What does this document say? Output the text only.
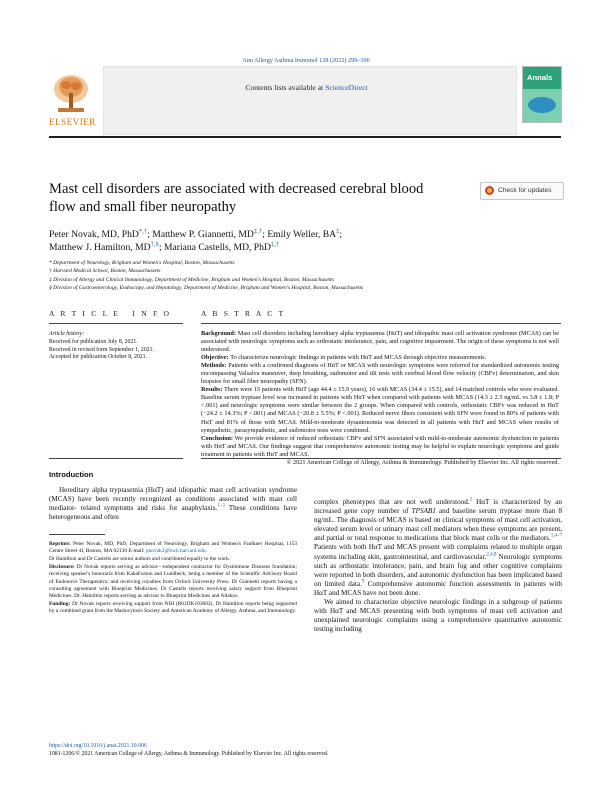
Ann Allergy Asthma Immunol 128 (2022) 299–306
Contents lists available at ScienceDirect
ELSEVIER
Annals
Mast cell disorders are associated with decreased cerebral blood flow and small fiber neuropathy
Check for updates
Peter Novak, MD, PhD*,†; Matthew P. Giannetti, MD‡,†; Emily Weller, BA‡;
Matthew J. Hamilton, MD†,§; Mariana Castells, MD, PhD‡,†
* Department of Neurology, Brigham and Women's Hospital, Boston, Massachusetts
† Harvard Medical School, Boston, Massachusetts
‡ Division of Allergy and Clinical Immunology, Department of Medicine, Brigham and Women's Hospital, Boston, Massachusetts
§ Division of Gastroenterology, Endoscopy, and Hepatology, Department of Medicine, Brigham and Women's Hospital, Boston, Massachusetts
A R T I C L E   I N F O
Article history:
Received for publication July 8, 2021.
Received in revised form September 1, 2021.
Accepted for publication October 8, 2021.
A B S T R A C T

Background: Mast cell disorders including hereditary alpha tryptasemia (HαT) and idiopathic mast cell activation syndrome (MCAS) can be associated with neurologic symptoms such as orthostatic intolerance, pain, and cognitive impairment. The origin of these symptoms is not well understood.

Objective: To characterize neurologic findings in patients with HαT and MCAS through objective measurements.

Methods: Patients with a confirmed diagnosis of HαT or MCAS with neurologic symptoms were referred for standardized autonomic testing encompassing Valsalva maneuver, deep breathing, sudomotor and tilt tests with cerebral blood flow velocity (CBFv) determination, and skin biopsies for small fiber neuropathy (SFN).

Results: There were 15 patients with HαT (age 44.4 ± 15.9 years), 16 with MCAS (34.4 ± 15.5), and 14 matched controls who were evaluated. Baseline serum tryptase level was increased in patients with HαT when compared with patients with MCAS (14.3 ± 2.5 ng/mL vs 3.8 ± 1.8; P <.001) and neurologic symptoms were similar between the 2 groups. When compared with controls, orthostatic CBFv was reduced in HαT (−24.2 ± 14.3%; P <.001) and MCAS (−20.8 ± 5.5%; P <.001). Reduced nerve fibers consistent with SFN were found in 80% of patients with HαT and 81% of those with MCAS. Mild-to-moderate dysautonomia was detected in all patients with HαT and MCAS when results of sympathetic, parasympathetic, and sudomotor tests were combined.

Conclusion: We provide evidence of reduced orthostatic CBFv and SFN associated with mild-to-moderate autonomic dysfunction in patients with HαT and MCAS. Our findings suggest that comprehensive autonomic testing may be helpful to explain neurologic symptoms and guide treatment in patients with HαT and MCAS.

© 2021 American College of Allergy, Asthma & Immunology. Published by Elsevier Inc. All rights reserved.

Introduction

Hereditary alpha tryptasemia (HαT) and idiopathic mast cell activation syndrome (MCAS) have been recently recognized as conditions associated with mast cell mediator- related symptoms and risks for anaphylaxis.$^{1-3}$ These conditions have heterogeneous and often

Reprints: Peter Novak, MD, PhD, Department of Neurology, Brigham and Women's Faulkner Hospital, 1153 Centre Street 4I, Boston, MA 02130 E-mail: pnovak2@bwh.harvard.edu.

Dr Hamilton and Dr Castells are senior authors and contributed equally to the work.

Disclosure: Dr Novak reports serving as advisor—independent contractor for Dysimmune Diseases foundation; receiving speaker's honoraria from KabaFusion and Lundbeck; being a member of the Scientific Advisory Board of Endonovo Therapeutics; and receiving royalties from Oxford University Press. Dr Giannetti reports having a consulting agreement with Blueprint Medicines. Dr Castells reports receiving salary support from Blueprint Medicines. Dr. Hamilton reports serving as advisor to Blueprint Medicines and Allakos.

Funding: Dr Novak reports receiving support from NIH (R01DK103002). Dr Hamilton reports being supported by a combined grant from the Mastocytosis Society and American Academy of Allergy, Asthma, and Immunology.

complex phenotypes that are not well understood.$^2$ HαT is characterized by an increased gene copy number of TPSAB1 and baseline serum tryptase more than 8 ng/mL. The diagnosis of MCAS is based on clinical symptoms of mast cell activation, elevated serum level or urinary mast cell mediators when these symptoms are present, and partial or total response to medications that block mast cells or the mediators.$^{1,4-7}$ Patients with both HαT and MCAS present with complaints related to multiple organ systems including skin, gastrointestinal, and cardiovascular.$^{2,4,8}$ Neurologic symptoms such as orthostatic intolerance, pain, and brain fog and other cognitive complaints were reported in both disorders, and autonomic dysfunction has been implicated based on limited data.$^9$ Comprehensive autonomic function assessments in patients with HαT and MCAS have not been done.

We aimed to characterize objective neurologic findings in a subgroup of patients with HαT and MCAS presenting with both symptoms of mast cell activation and unexplained neurologic complaints using a comprehensive quantitative autonomic testing including

https://doi.org/10.1016/j.anai.2021.10.006
1081-1206/© 2021 American College of Allergy, Asthma & Immunology. Published by Elsevier Inc. All rights reserved.
